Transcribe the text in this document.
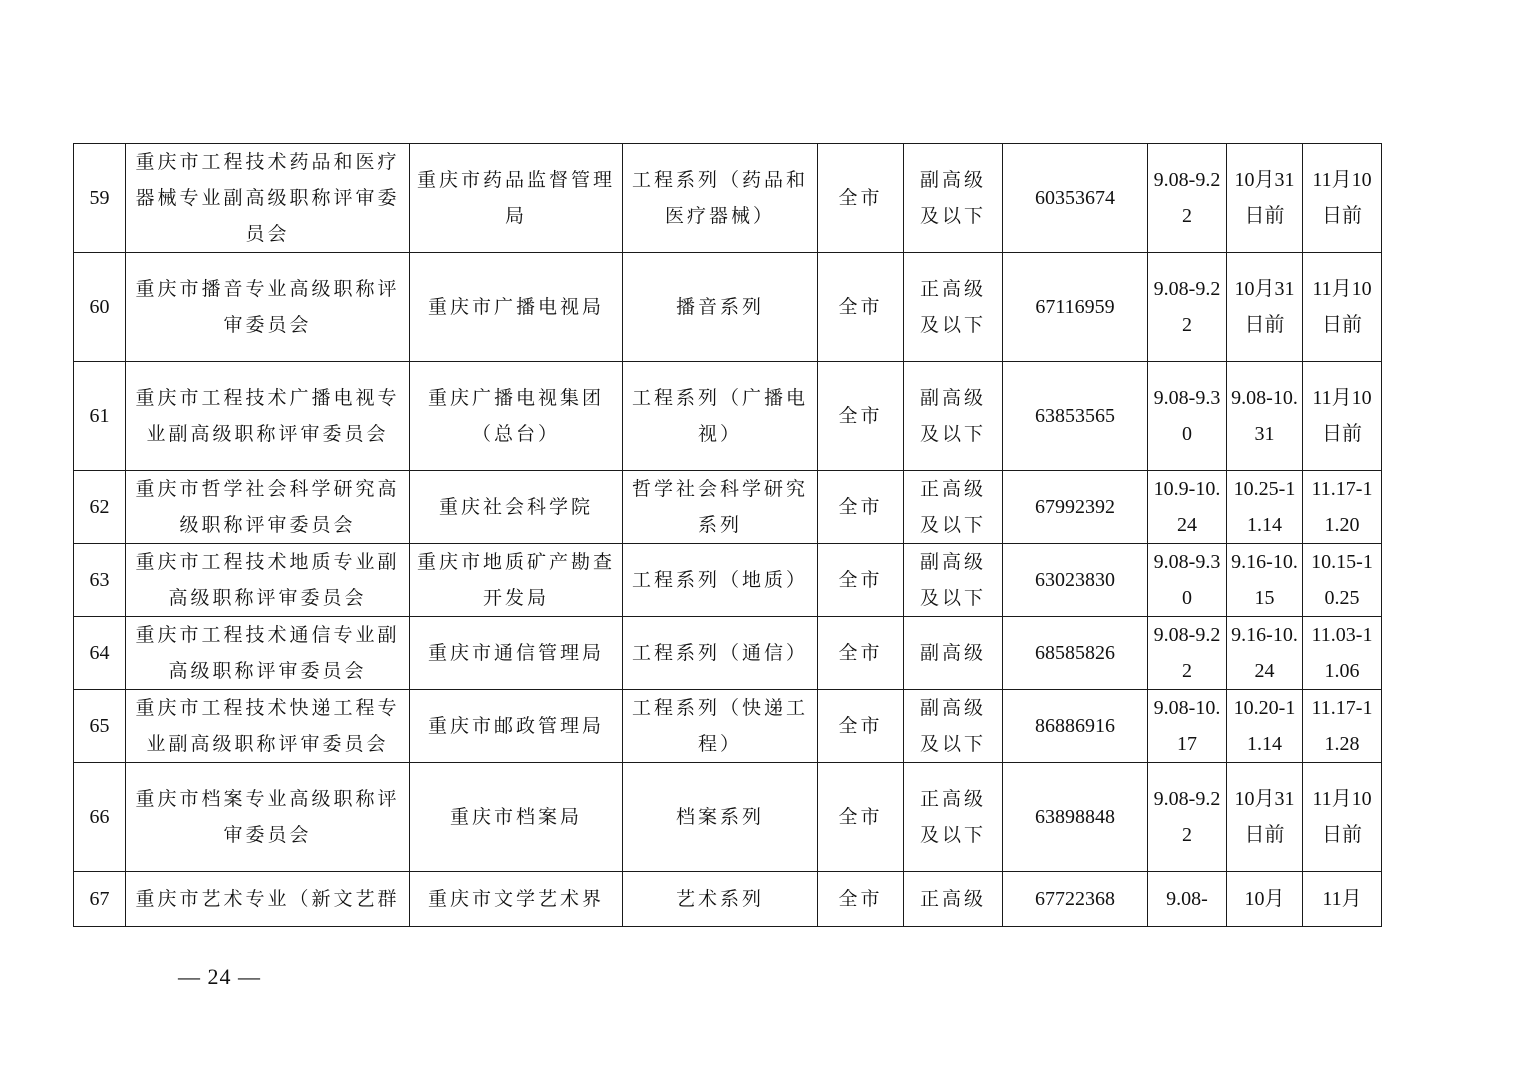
59	重庆市工程技术药品和医疗器械专业副高级职称评审委员会	重庆市药品监督管理局	工程系列（药品和医疗器械）	全市	副高级及以下	60353674	9.08-9.22	10月31日前	11月10日前
60	重庆市播音专业高级职称评审委员会	重庆市广播电视局	播音系列	全市	正高级及以下	67116959	9.08-9.22	10月31日前	11月10日前
61	重庆市工程技术广播电视专业副高级职称评审委员会	重庆广播电视集团（总台）	工程系列（广播电视）	全市	副高级及以下	63853565	9.08-9.30	9.08-10.31	11月10日前
62	重庆市哲学社会科学研究高级职称评审委员会	重庆社会科学院	哲学社会科学研究系列	全市	正高级及以下	67992392	10.9-10.24	10.25-11.14	11.17-11.20
63	重庆市工程技术地质专业副高级职称评审委员会	重庆市地质矿产勘查开发局	工程系列（地质）	全市	副高级及以下	63023830	9.08-9.30	9.16-10.15	10.15-10.25
64	重庆市工程技术通信专业副高级职称评审委员会	重庆市通信管理局	工程系列（通信）	全市	副高级	68585826	9.08-9.22	9.16-10.24	11.03-11.06
65	重庆市工程技术快递工程专业副高级职称评审委员会	重庆市邮政管理局	工程系列（快递工程）	全市	副高级及以下	86886916	9.08-10.17	10.20-11.14	11.17-11.28
66	重庆市档案专业高级职称评审委员会	重庆市档案局	档案系列	全市	正高级及以下	63898848	9.08-9.22	10月31日前	11月10日前
67	重庆市艺术专业（新文艺群	重庆市文学艺术界	艺术系列	全市	正高级	67722368	9.08-	10月	11月
— 24 —
